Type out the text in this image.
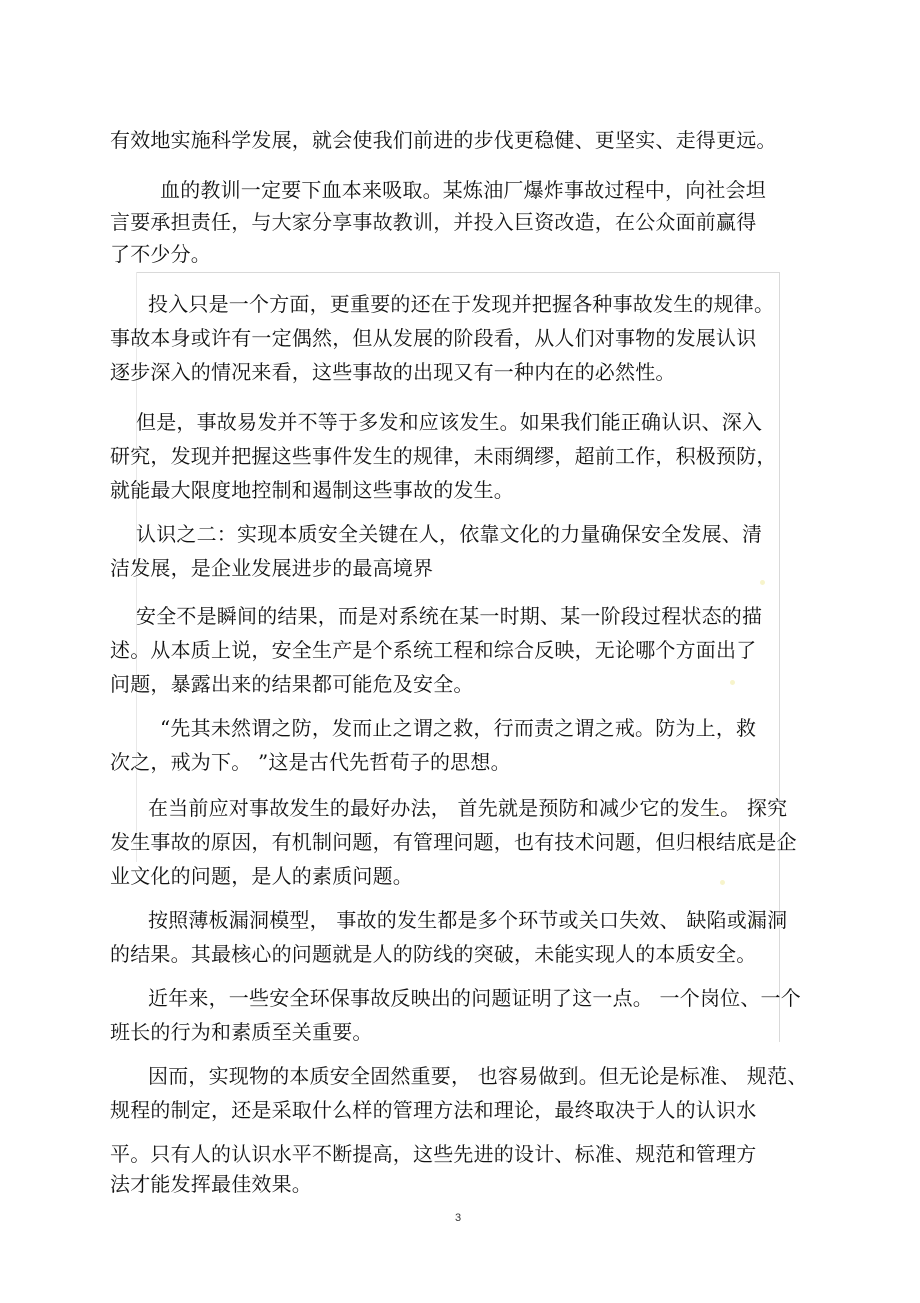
有效地实施科学发展，就会使我们前进的步伐更稳健、更坚实、走得更远。
血的教训一定要下血本来吸取。某炼油厂爆炸事故过程中，向社会坦
言要承担责任，与大家分享事故教训，并投入巨资改造，在公众面前赢得
了不少分。
投入只是一个方面，更重要的还在于发现并把握各种事故发生的规律。
事故本身或许有一定偶然，但从发展的阶段看，从人们对事物的发展认识
逐步深入的情况来看，这些事故的出现又有一种内在的必然性。
但是，事故易发并不等于多发和应该发生。如果我们能正确认识、深入
研究，发现并把握这些事件发生的规律，未雨绸缪，超前工作，积极预防，
就能最大限度地控制和遏制这些事故的发生。
认识之二：实现本质安全关键在人，依靠文化的力量确保安全发展、清
洁发展，是企业发展进步的最高境界
安全不是瞬间的结果，而是对系统在某一时期、某一阶段过程状态的描
述。从本质上说，安全生产是个系统工程和综合反映，无论哪个方面出了
问题，暴露出来的结果都可能危及安全。
“先其未然谓之防，发而止之谓之救，行而责之谓之戒。防为上，救
次之，戒为下。 ”这是古代先哲荀子的思想。
在当前应对事故发生的最好办法， 首先就是预防和减少它的发生。 探究
发生事故的原因，有机制问题，有管理问题，也有技术问题，但归根结底是企
业文化的问题，是人的素质问题。
按照薄板漏洞模型， 事故的发生都是多个环节或关口失效、 缺陷或漏洞
的结果。其最核心的问题就是人的防线的突破，未能实现人的本质安全。
近年来，一些安全环保事故反映出的问题证明了这一点。 一个岗位、一个
班长的行为和素质至关重要。
因而，实现物的本质安全固然重要， 也容易做到。但无论是标准、 规范、
规程的制定，还是采取什么样的管理方法和理论，最终取决于人的认识水
平。只有人的认识水平不断提高，这些先进的设计、标准、规范和管理方
法才能发挥最佳效果。
3
